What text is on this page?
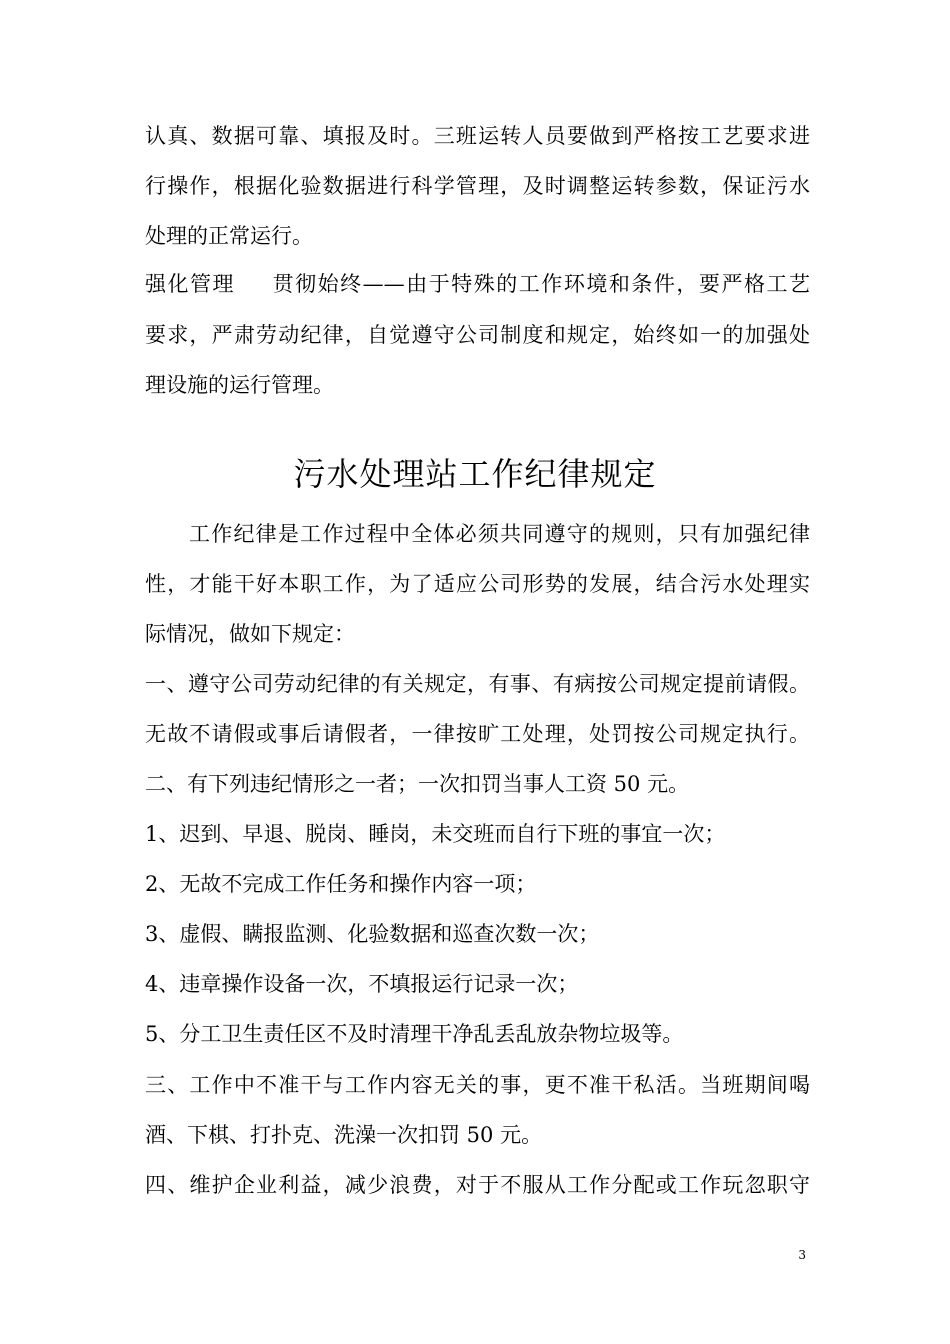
认真、数据可靠、填报及时。三班运转人员要做到严格按工艺要求进
行操作，根据化验数据进行科学管理，及时调整运转参数，保证污水
处理的正常运行。
强化管理 贯彻始终——由于特殊的工作环境和条件，要严格工艺
要求，严肃劳动纪律，自觉遵守公司制度和规定，始终如一的加强处
理设施的运行管理。
污水处理站工作纪律规定
工作纪律是工作过程中全体必须共同遵守的规则，只有加强纪律
性，才能干好本职工作，为了适应公司形势的发展，结合污水处理实
际情况，做如下规定：
一、遵守公司劳动纪律的有关规定，有事、有病按公司规定提前请假。
无故不请假或事后请假者，一律按旷工处理，处罚按公司规定执行。
二、有下列违纪情形之一者；一次扣罚当事人工资 50 元。
1、迟到、早退、脱岗、睡岗，未交班而自行下班的事宜一次；
2、无故不完成工作任务和操作内容一项；
3、虚假、瞒报监测、化验数据和巡查次数一次；
4、违章操作设备一次，不填报运行记录一次；
5、分工卫生责任区不及时清理干净乱丢乱放杂物垃圾等。
三、工作中不准干与工作内容无关的事，更不准干私活。当班期间喝
酒、下棋、打扑克、洗澡一次扣罚 50 元。
四、维护企业利益，减少浪费，对于不服从工作分配或工作玩忽职守
3
